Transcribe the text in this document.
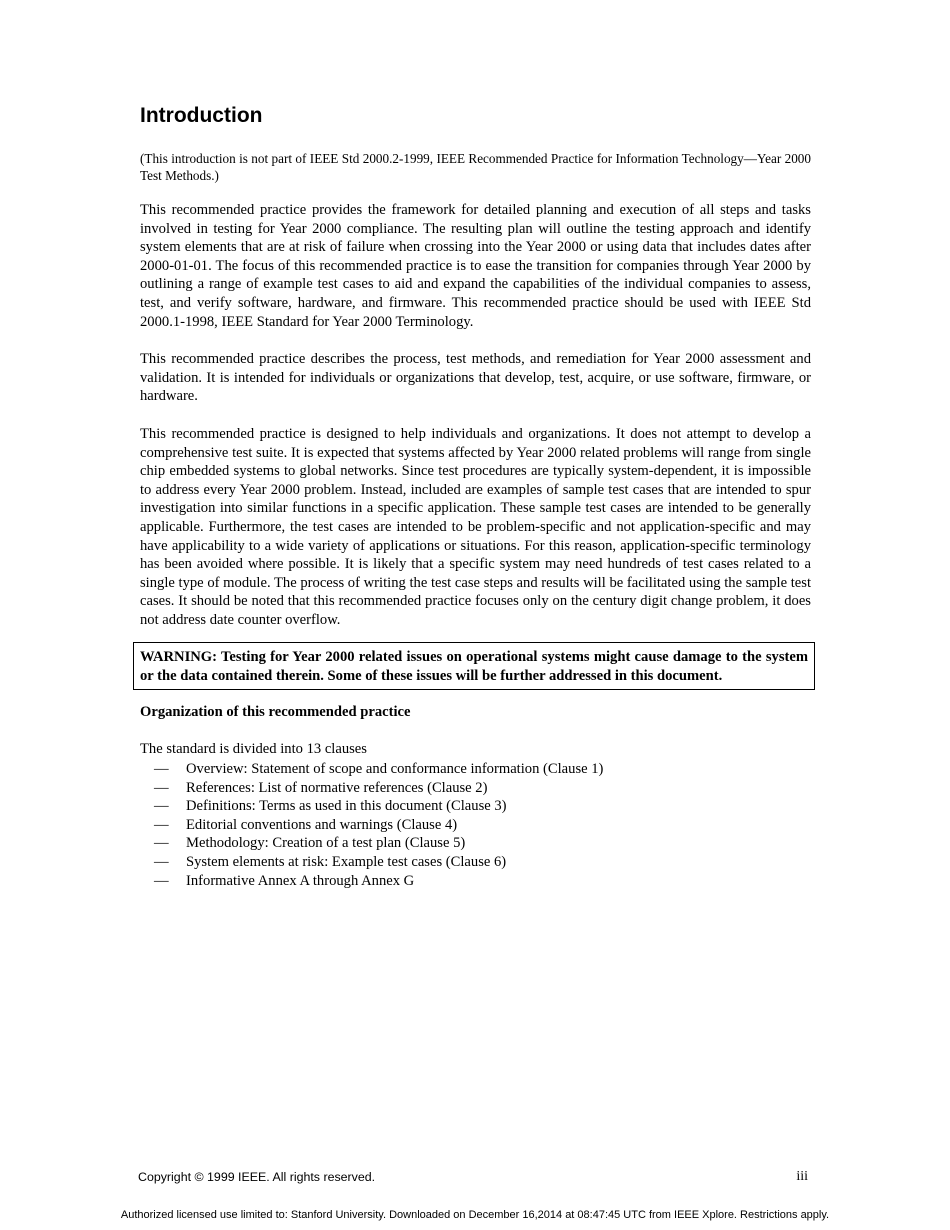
Introduction

(This introduction is not part of IEEE Std 2000.2-1999, IEEE Recommended Practice for Information Technology—Year 2000 Test Methods.)

This recommended practice provides the framework for detailed planning and execution of all steps and tasks involved in testing for Year 2000 compliance. The resulting plan will outline the testing approach and identify system elements that are at risk of failure when crossing into the Year 2000 or using data that includes dates after 2000-01-01. The focus of this recommended practice is to ease the transition for companies through Year 2000 by outlining a range of example test cases to aid and expand the capabilities of the individual companies to assess, test, and verify software, hardware, and firmware. This recommended practice should be used with IEEE Std 2000.1-1998, IEEE Standard for Year 2000 Terminology.

This recommended practice describes the process, test methods, and remediation for Year 2000 assessment and validation. It is intended for individuals or organizations that develop, test, acquire, or use software, firmware, or hardware.

This recommended practice is designed to help individuals and organizations. It does not attempt to develop a comprehensive test suite. It is expected that systems affected by Year 2000 related problems will range from single chip embedded systems to global networks. Since test procedures are typically system-dependent, it is impossible to address every Year 2000 problem. Instead, included are examples of sample test cases that are intended to spur investigation into similar functions in a specific application. These sample test cases are intended to be generally applicable. Furthermore, the test cases are intended to be problem-specific and not application-specific and may have applicability to a wide variety of applications or situations. For this reason, application-specific terminology has been avoided where possible. It is likely that a specific system may need hundreds of test cases related to a single type of module. The process of writing the test case steps and results will be facilitated using the sample test cases. It should be noted that this recommended practice focuses only on the century digit change problem, it does not address date counter overflow.

WARNING: Testing for Year 2000 related issues on operational systems might cause damage to the system or the data contained therein. Some of these issues will be further addressed in this document.
Organization of this recommended practice

The standard is divided into 13 clauses

— Overview: Statement of scope and conformance information (Clause 1)
— References: List of normative references (Clause 2)
— Definitions: Terms as used in this document (Clause 3)
— Editorial conventions and warnings (Clause 4)
— Methodology: Creation of a test plan (Clause 5)
— System elements at risk: Example test cases (Clause 6)
— Informative Annex A through Annex G
Copyright © 1999 IEEE. All rights reserved.	iii
Authorized licensed use limited to: Stanford University. Downloaded on December 16,2014 at 08:47:45 UTC from IEEE Xplore. Restrictions apply.
